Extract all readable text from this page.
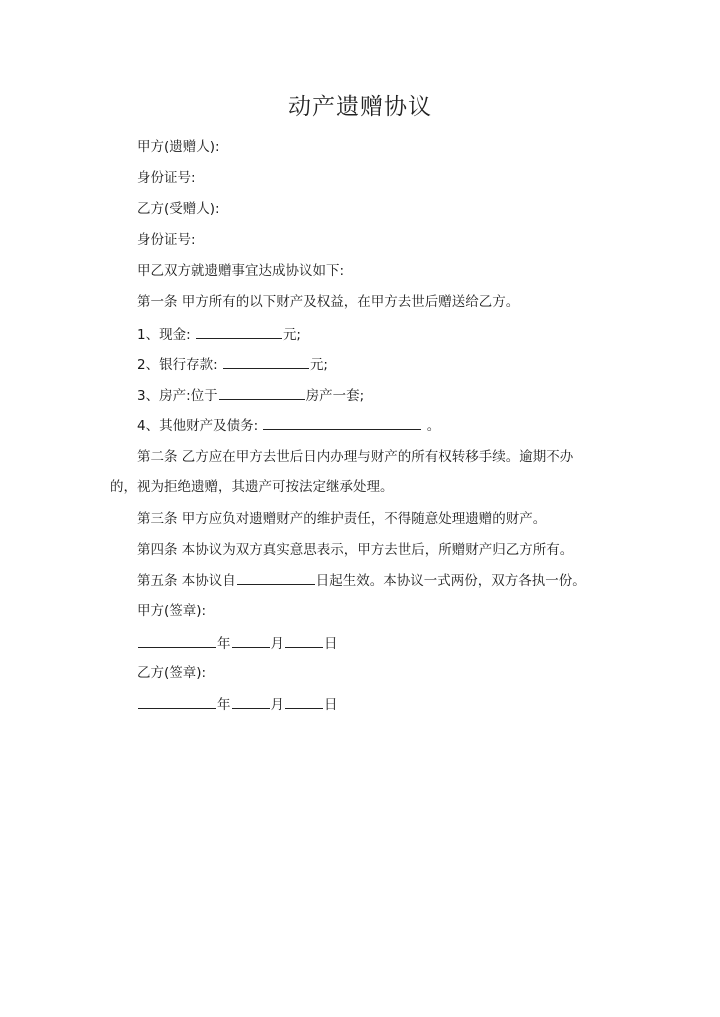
动产遗赠协议
甲方(遗赠人):
身份证号:
乙方(受赠人):
身份证号:
甲乙双方就遗赠事宜达成协议如下:
第一条 甲方所有的以下财产及权益，在甲方去世后赠送给乙方。
1、现金:	元;
2、银行存款:	元;
3、房产:位于	房产一套;
4、其他财产及债务:	。
第二条 乙方应在甲方去世后日内办理与财产的所有权转移手续。逾期不办
的，视为拒绝遗赠，其遗产可按法定继承处理。
第三条 甲方应负对遗赠财产的维护责任，不得随意处理遗赠的财产。
第四条 本协议为双方真实意思表示，甲方去世后，所赠财产归乙方所有。
第五条 本协议自	日起生效。本协议一式两份，双方各执一份。
甲方(签章):
年	月	日
乙方(签章):
年	月	日
